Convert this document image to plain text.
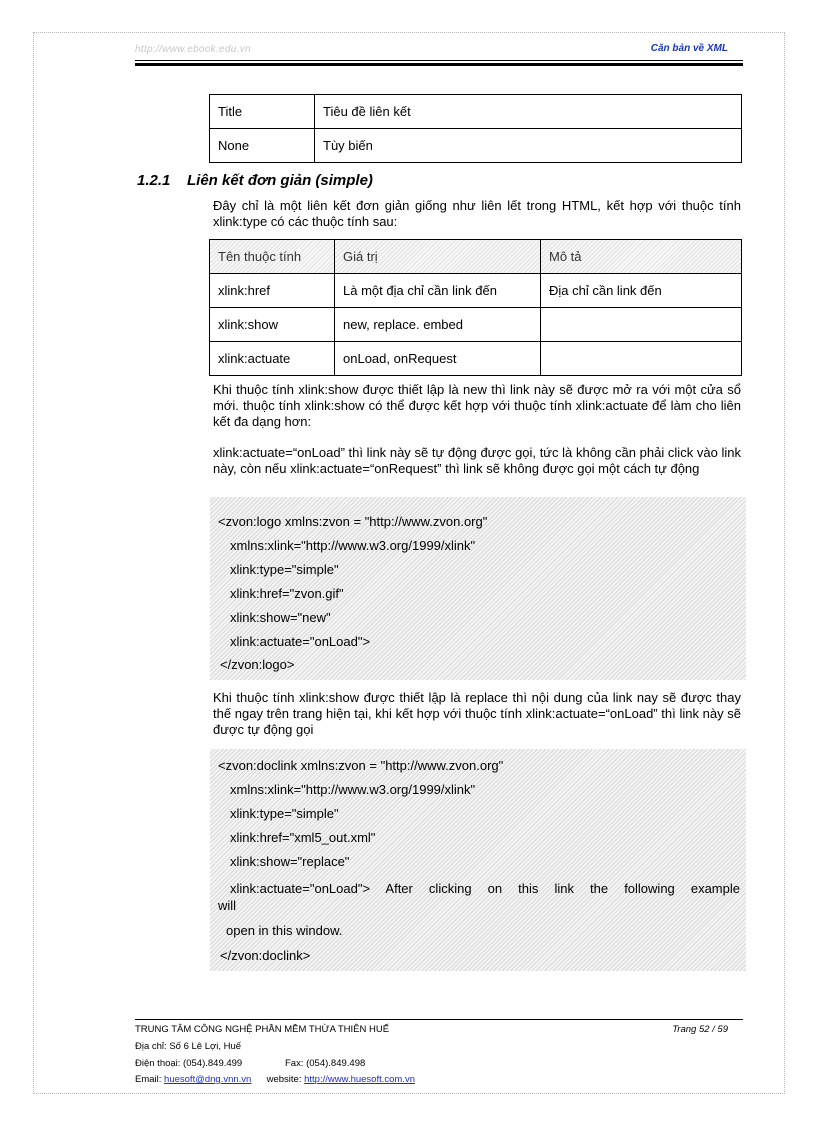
http://www.ebook.edu.vn	Căn bản về XML
Title	Tiêu đề liên kết
None	Tùy biến
1.2.1 Liên kết đơn giản (simple)
Đây chỉ là một liên kết đơn giản giống như liên lết trong HTML, kết hợp với thuộc tính xlink:type có các thuộc tính sau:
Tên thuộc tính	Giá trị	Mô tả
xlink:href	Là một địa chỉ cần link đến	Địa chỉ cần link đến
xlink:show	new, replace. embed	
xlink:actuate	onLoad, onRequest	
Khi thuộc tính xlink:show được thiết lập là new thì link này sẽ được mở ra với một cửa sổ mới. thuộc tính xlink:show có thể được kết hợp với thuộc tính xlink:actuate để làm cho liên kết đa dạng hơn:
xlink:actuate=“onLoad” thì link này sẽ tự động được gọi, tức là không cần phải click vào link này, còn nếu xlink:actuate=“onRequest” thì link sẽ không được gọi một cách tự động
<zvon:logo xmlns:zvon = "http://www.zvon.org"
xmlns:xlink="http://www.w3.org/1999/xlink"
xlink:type="simple"
xlink:href="zvon.gif"
xlink:show="new"
xlink:actuate="onLoad">
</zvon:logo>
Khi thuộc tính xlink:show được thiết lập là replace thì nội dung của link nay sẽ được thay thế ngay trên trang hiện tại, khi kết hợp với thuộc tính xlink:actuate=“onLoad” thì link này sẽ được tự động gọi
<zvon:doclink xmlns:zvon = "http://www.zvon.org"
xmlns:xlink="http://www.w3.org/1999/xlink"
xlink:type="simple"
xlink:href="xml5_out.xml"
xlink:show="replace"
xlink:actuate="onLoad"> After clicking on this link the following example
will
open in this window.
</zvon:doclink>
TRUNG TÂM CÔNG NGHỆ PHẦN MỀM THỪA THIÊN HUẾ	Trang 52 / 59
Địa chỉ: Số 6 Lê Lợi, Huế
Điện thoại: (054).849.499	Fax: (054).849.498
Email: huesoft@dng.vnn.vn website: http://www.huesoft.com.vn
